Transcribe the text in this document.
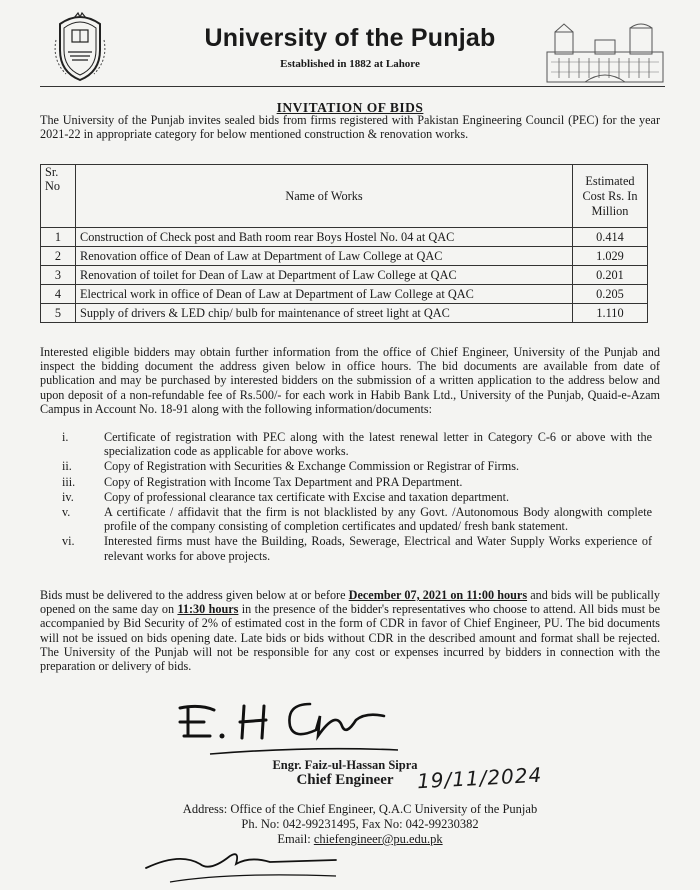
University of the Punjab
Established in 1882 at Lahore
INVITATION OF BIDS
The University of the Punjab invites sealed bids from firms registered with Pakistan Engineering Council (PEC) for the year 2021-22 in appropriate category for below mentioned construction & renovation works.
Sr. No	Name of Works	Estimated Cost Rs. In Million
1	Construction of Check post and Bath room rear Boys Hostel No. 04 at QAC	0.414
2	Renovation office of Dean of Law at Department of Law College at QAC	1.029
3	Renovation of toilet for Dean of Law at Department of Law College at QAC	0.201
4	Electrical work in office of Dean of Law at Department of Law College at QAC	0.205
5	Supply of drivers & LED chip/ bulb for maintenance of street light at QAC	1.110
Interested eligible bidders may obtain further information from the office of Chief Engineer, University of the Punjab and inspect the bidding document the address given below in office hours. The bid documents are available from date of publication and may be purchased by interested bidders on the submission of a written application to the address below and upon deposit of a non-refundable fee of Rs.500/- for each work in Habib Bank Ltd., University of the Punjab, Quaid-e-Azam Campus in Account No. 18-91 along with the following information/documents:
i.	Certificate of registration with PEC along with the latest renewal letter in Category C-6 or above with the specialization code as applicable for above works.
ii.	Copy of Registration with Securities & Exchange Commission or Registrar of Firms.
iii.	Copy of Registration with Income Tax Department and PRA Department.
iv.	Copy of professional clearance tax certificate with Excise and taxation department.
v.	A certificate / affidavit that the firm is not blacklisted by any Govt. /Autonomous Body alongwith complete profile of the company consisting of completion certificates and updated/ fresh bank statement.
vi.	Interested firms must have the Building, Roads, Sewerage, Electrical and Water Supply Works experience of relevant works for above projects.
Bids must be delivered to the address given below at or before December 07, 2021 on 11:00 hours and bids will be publically opened on the same day on 11:30 hours in the presence of the bidder's representatives who choose to attend. All bids must be accompanied by Bid Security of 2% of estimated cost in the form of CDR in favor of Chief Engineer, PU. The bid documents will not be issued on bids opening date. Late bids or bids without CDR in the described amount and format shall be rejected. The University of the Punjab will not be responsible for any cost or expenses incurred by bidders in connection with the preparation or delivery of bids.
Engr. Faiz-ul-Hassan Sipra
Chief Engineer	19/11/2024
Address: Office of the Chief Engineer, Q.A.C University of the Punjab
Ph. No: 042-99231495, Fax No: 042-99230382
Email: chiefengineer@pu.edu.pk
